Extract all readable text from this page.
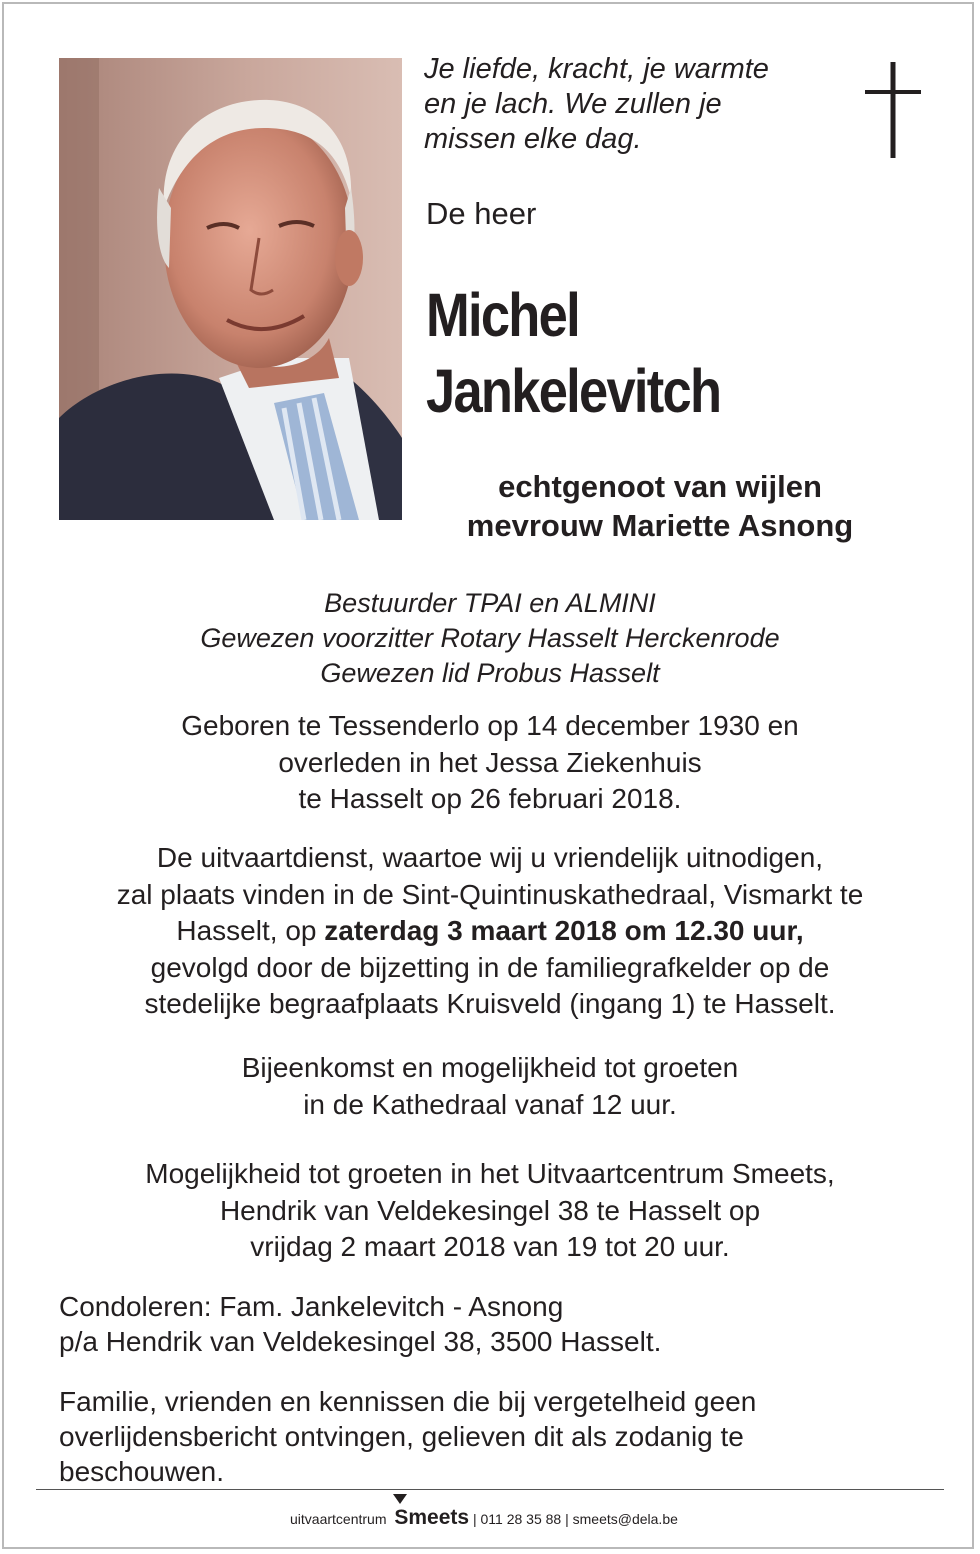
Je liefde, kracht, je warmte
en je lach. We zullen je
missen elke dag.
De heer
Michel
Jankelevitch
echtgenoot van wijlen
mevrouw Mariette Asnong
Bestuurder TPAI en ALMINI
Gewezen voorzitter Rotary Hasselt Herckenrode
Gewezen lid Probus Hasselt
Geboren te Tessenderlo op 14 december 1930 en
overleden in het Jessa Ziekenhuis
te Hasselt op 26 februari 2018.
De uitvaartdienst, waartoe wij u vriendelijk uitnodigen,
zal plaats vinden in de Sint-Quintinuskathedraal, Vismarkt te
Hasselt, op zaterdag 3 maart 2018 om 12.30 uur,
gevolgd door de bijzetting in de familiegrafkelder op de
stedelijke begraafplaats Kruisveld (ingang 1) te Hasselt.
Bijeenkomst en mogelijkheid tot groeten
in de Kathedraal vanaf 12 uur.
Mogelijkheid tot groeten in het Uitvaartcentrum Smeets,
Hendrik van Veldekesingel 38 te Hasselt op
vrijdag 2 maart 2018 van 19 tot 20 uur.
Condoleren: Fam. Jankelevitch - Asnong
p/a Hendrik van Veldekesingel 38, 3500 Hasselt.
Familie, vrienden en kennissen die bij vergetelheid geen
overlijdensbericht ontvingen, gelieven dit als zodanig te
beschouwen.
uitvaartcentrum Smeets | 011 28 35 88 | smeets@dela.be
